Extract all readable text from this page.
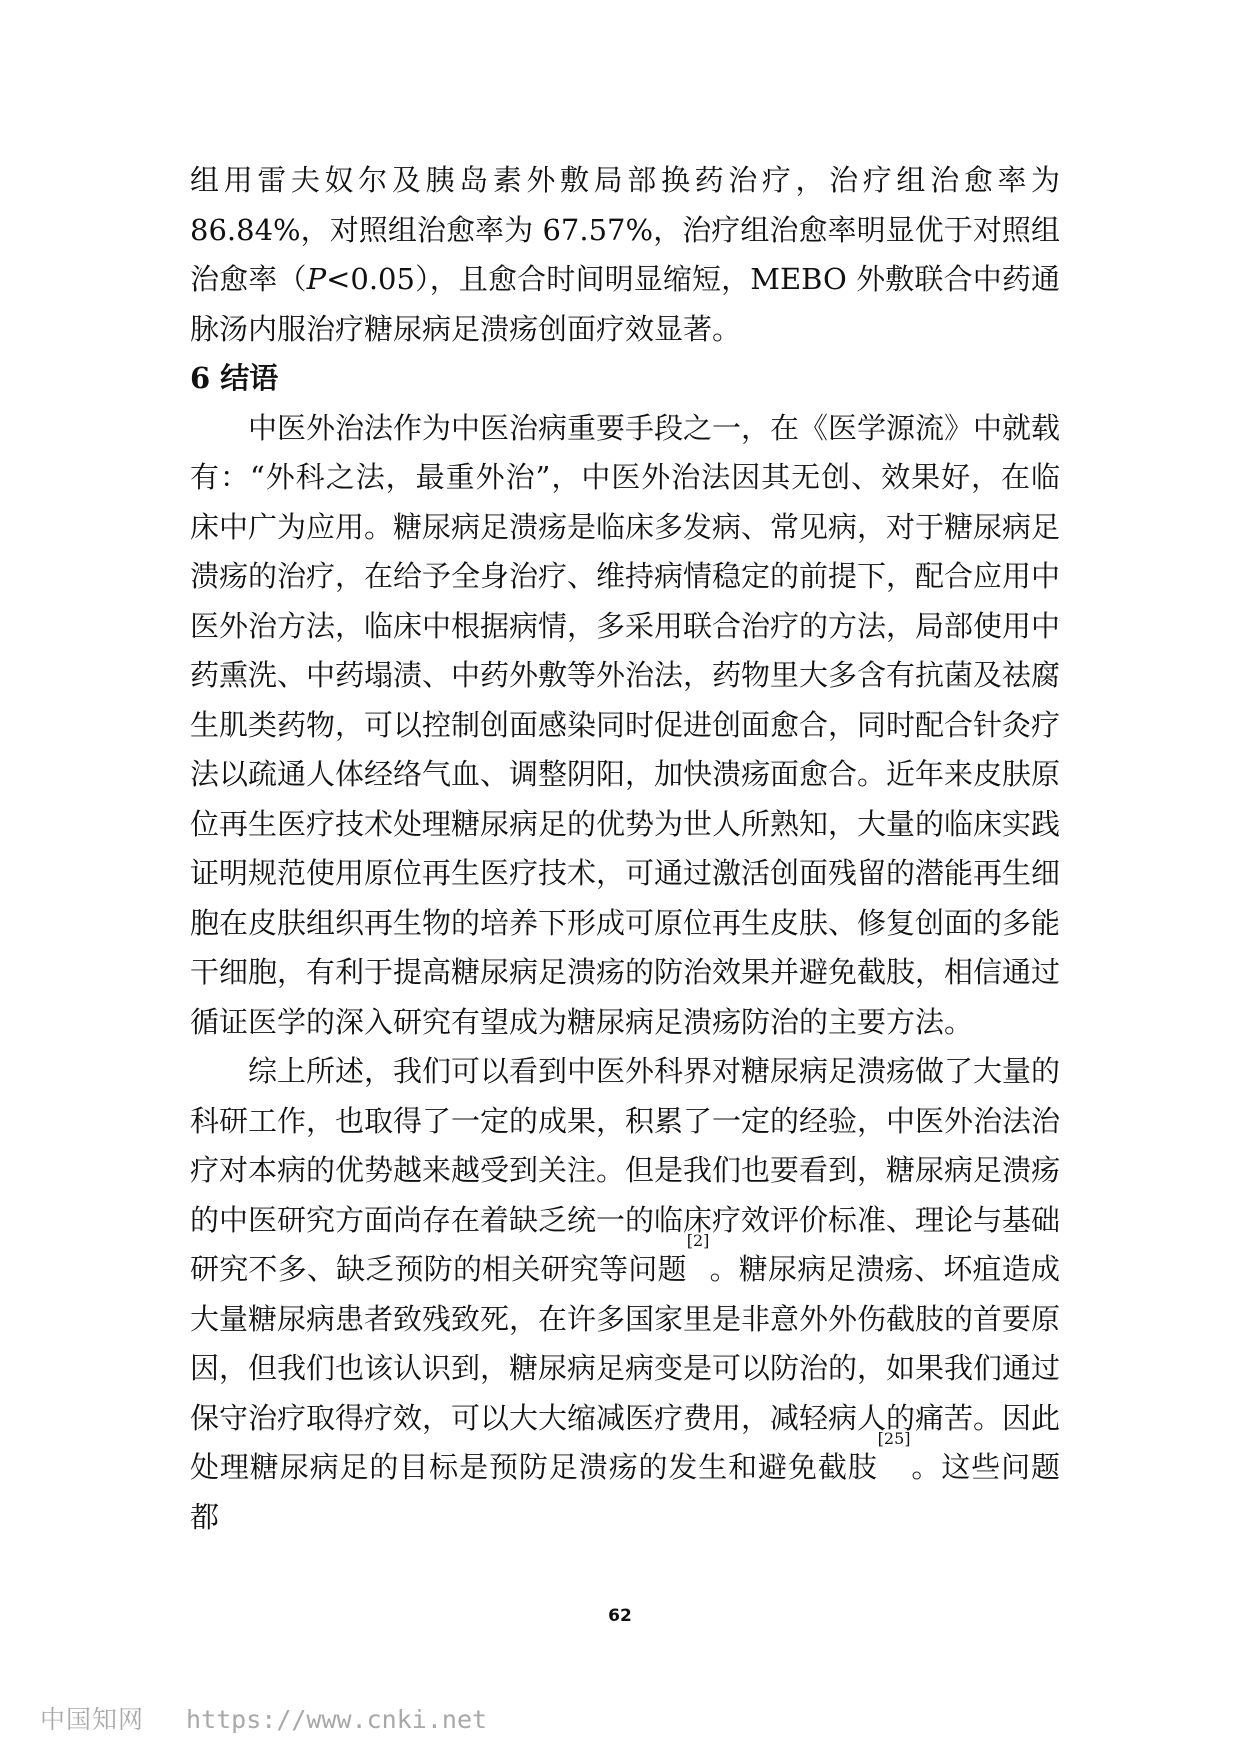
组用雷夫奴尔及胰岛素外敷局部换药治疗，治疗组治愈率为 86.84%，对照组治愈率为 67.57%，治疗组治愈率明显优于对照组治愈率（P<0.05），且愈合时间明显缩短，MEBO 外敷联合中药通脉汤内服治疗糖尿病足溃疡创面疗效显著。

6 结语

中医外治法作为中医治病重要手段之一，在《医学源流》中就载有：“外科之法，最重外治”，中医外治法因其无创、效果好，在临床中广为应用。糖尿病足溃疡是临床多发病、常见病，对于糖尿病足溃疡的治疗，在给予全身治疗、维持病情稳定的前提下，配合应用中医外治方法，临床中根据病情，多采用联合治疗的方法，局部使用中药熏洗、中药塌渍、中药外敷等外治法，药物里大多含有抗菌及祛腐生肌类药物，可以控制创面感染同时促进创面愈合，同时配合针灸疗法以疏通人体经络气血、调整阴阳，加快溃疡面愈合。近年来皮肤原位再生医疗技术处理糖尿病足的优势为世人所熟知，大量的临床实践证明规范使用原位再生医疗技术，可通过激活创面残留的潜能再生细胞在皮肤组织再生物的培养下形成可原位再生皮肤、修复创面的多能干细胞，有利于提高糖尿病足溃疡的防治效果并避免截肢，相信通过循证医学的深入研究有望成为糖尿病足溃疡防治的主要方法。

综上所述，我们可以看到中医外科界对糖尿病足溃疡做了大量的科研工作，也取得了一定的成果，积累了一定的经验，中医外治法治疗对本病的优势越来越受到关注。但是我们也要看到，糖尿病足溃疡的中医研究方面尚存在着缺乏统一的临床疗效评价标准、理论与基础研究不多、缺乏预防的相关研究等问题[2]。糖尿病足溃疡、坏疽造成大量糖尿病患者致残致死，在许多国家里是非意外外伤截肢的首要原因，但我们也该认识到，糖尿病足病变是可以防治的，如果我们通过保守治疗取得疗效，可以大大缩减医疗费用，减轻病人的痛苦。因此处理糖尿病足的目标是预防足溃疡的发生和避免截肢[25]。这些问题都

62
中国知网 https://www.cnki.net
